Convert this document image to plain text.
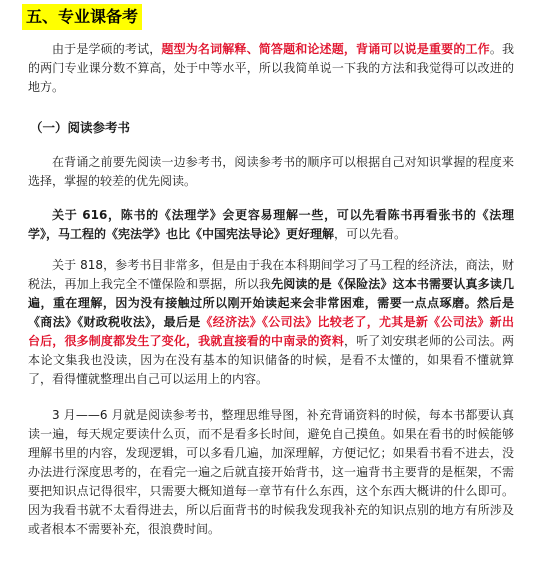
五、专业课备考

由于是学硕的考试，题型为名词解释、简答题和论述题，背诵可以说是重要的工作。我的两门专业课分数不算高，处于中等水平，所以我简单说一下我的方法和我觉得可以改进的地方。

（一）阅读参考书

在背诵之前要先阅读一边参考书，阅读参考书的顺序可以根据自己对知识掌握的程度来选择，掌握的较差的优先阅读。

关于 616，陈书的《法理学》会更容易理解一些，可以先看陈书再看张书的《法理学》，马工程的《宪法学》也比《中国宪法导论》更好理解，可以先看。

关于 818，参考书目非常多，但是由于我在本科期间学习了马工程的经济法，商法，财税法，再加上我完全不懂保险和票据，所以我先阅读的是《保险法》这本书需要认真多读几遍，重在理解，因为没有接触过所以刚开始读起来会非常困难，需要一点点琢磨。然后是《商法》《财政税收法》，最后是《经济法》《公司法》比较老了，尤其是新《公司法》新出台后，很多制度都发生了变化，我就直接看的中南录的资料，听了刘安琪老师的公司法。两本论文集我也没读，因为在没有基本的知识储备的时候，是看不太懂的，如果看不懂就算了，看得懂就整理出自己可以运用上的内容。

3 月——6 月就是阅读参考书，整理思维导图，补充背诵资料的时候，每本书都要认真读一遍，每天规定要读什么页，而不是看多长时间，避免自己摸鱼。如果在看书的时候能够理解书里的内容，发现逻辑，可以多看几遍，加深理解，方便记忆；如果看书看不进去，没办法进行深度思考的，在看完一遍之后就直接开始背书，这一遍背书主要背的是框架，不需要把知识点记得很牢，只需要大概知道每一章节有什么东西，这个东西大概讲的什么即可。因为我看书就不太看得进去，所以后面背书的时候我发现我补充的知识点别的地方有所涉及或者根本不需要补充，很浪费时间。
